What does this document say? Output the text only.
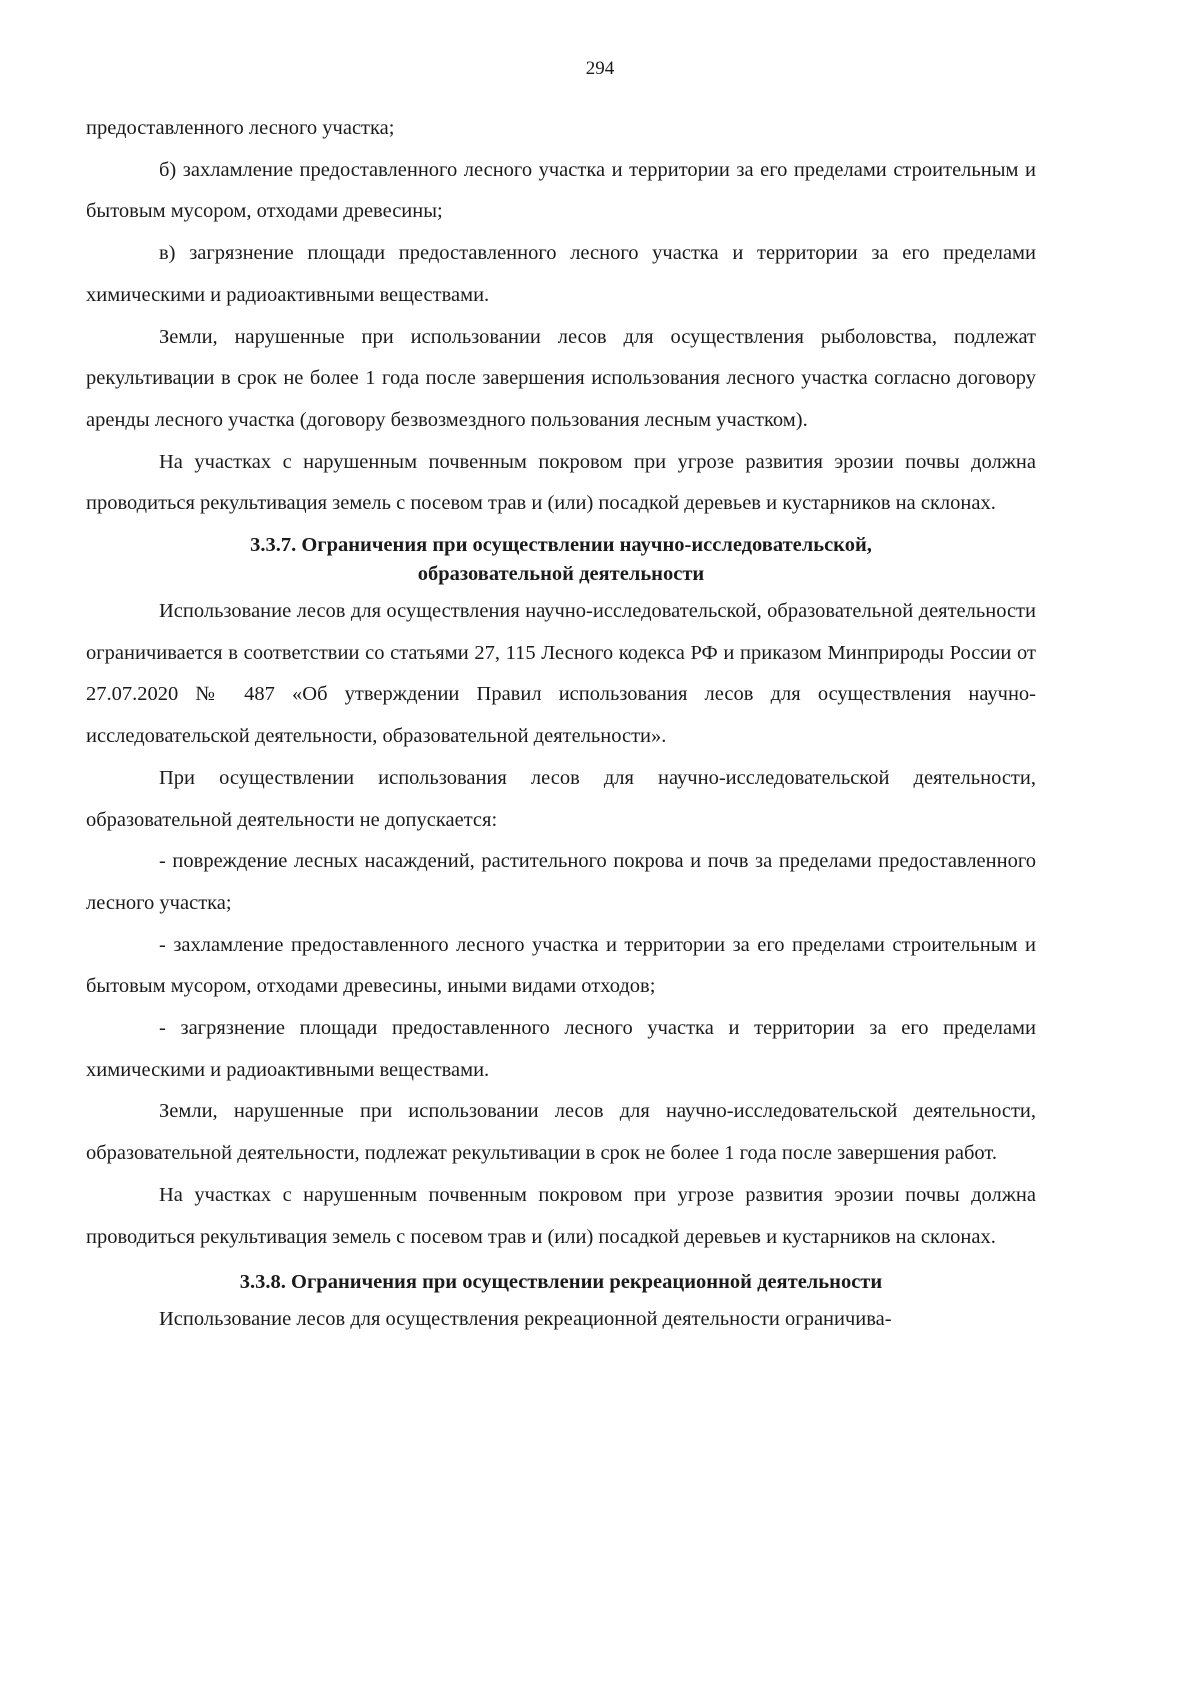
294

предоставленного лесного участка;

б) захламление предоставленного лесного участка и территории за его пределами строительным и бытовым мусором, отходами древесины;

в) загрязнение площади предоставленного лесного участка и территории за его пределами химическими и радиоактивными веществами.

Земли, нарушенные при использовании лесов для осуществления рыболовства, подлежат рекультивации в срок не более 1 года после завершения использования лесного участка согласно договору аренды лесного участка (договору безвозмездного пользования лесным участком).

На участках с нарушенным почвенным покровом при угрозе развития эрозии почвы должна проводиться рекультивация земель с посевом трав и (или) посадкой деревьев и кустарников на склонах.

3.3.7. Ограничения при осуществлении научно-исследовательской,
образовательной деятельности

Использование лесов для осуществления научно-исследовательской, образовательной деятельности ограничивается в соответствии со статьями 27, 115 Лесного кодекса РФ и приказом Минприроды России от 27.07.2020 № 487 «Об утверждении Правил использования лесов для осуществления научно-исследовательской деятельности, образовательной деятельности».

При осуществлении использования лесов для научно-исследовательской деятельности, образовательной деятельности не допускается:

- повреждение лесных насаждений, растительного покрова и почв за пределами предоставленного лесного участка;

- захламление предоставленного лесного участка и территории за его пределами строительным и бытовым мусором, отходами древесины, иными видами отходов;

- загрязнение площади предоставленного лесного участка и территории за его пределами химическими и радиоактивными веществами.

Земли, нарушенные при использовании лесов для научно-исследовательской деятельности, образовательной деятельности, подлежат рекультивации в срок не более 1 года после завершения работ.

На участках с нарушенным почвенным покровом при угрозе развития эрозии почвы должна проводиться рекультивация земель с посевом трав и (или) посадкой деревьев и кустарников на склонах.

3.3.8. Ограничения при осуществлении рекреационной деятельности

Использование лесов для осуществления рекреационной деятельности ограничива-
